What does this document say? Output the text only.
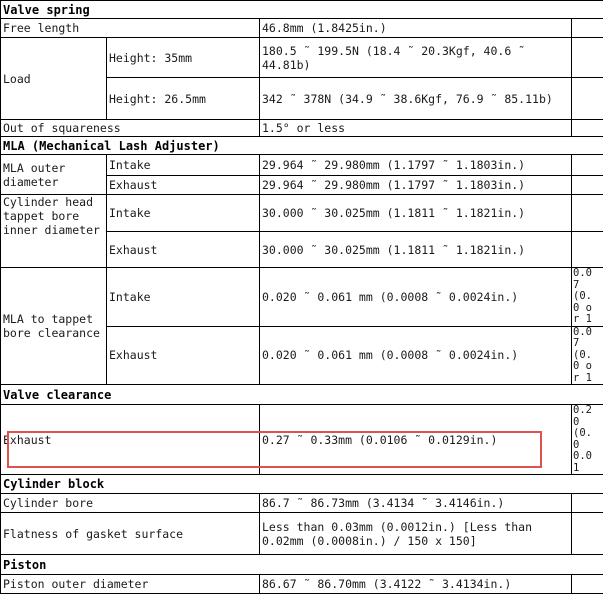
Valve spring			
Free length		46.8mm (1.8425in.)	
Load	Height: 35mm	180.5 ˜ 199.5N (18.4 ˜ 20.3Kgf, 40.6 ˜ 44.81b)	
	Height: 26.5mm	342 ˜ 378N (34.9 ˜ 38.6Kgf, 76.9 ˜ 85.11b)	
Out of squareness		1.5° or less	
MLA (Mechanical Lash Adjuster)			
MLA outer diameter	Intake	29.964 ˜ 29.980mm (1.1797 ˜ 1.1803in.)	
	Exhaust	29.964 ˜ 29.980mm (1.1797 ˜ 1.1803in.)	
Cylinder head tappet bore inner diameter	Intake	30.000 ˜ 30.025mm (1.1811 ˜ 1.1821in.)	
	Exhaust	30.000 ˜ 30.025mm (1.1811 ˜ 1.1821in.)	
MLA to tappet bore clearance	Intake	0.020 ˜ 0.061 mm (0.0008 ˜ 0.0024in.)	0.07 (0.0 or 1

	Exhaust	0.020 ˜ 0.061 mm (0.0008 ˜ 0.0024in.)	0.07 (0.0 or 1

Valve clearance			
Exhaust		0.27 ˜ 0.33mm (0.0106 ˜ 0.0129in.)	0.20 (0.0 0.01

Cylinder block			
Cylinder bore		86.7 ˜ 86.73mm (3.4134 ˜ 3.4146in.)	
Flatness of gasket surface		Less than 0.03mm (0.0012in.) [Less than 0.02mm (0.0008in.) / 150 x 150]	
Piston			
Piston outer diameter		86.67 ˜ 86.70mm (3.4122 ˜ 3.4134in.)	
